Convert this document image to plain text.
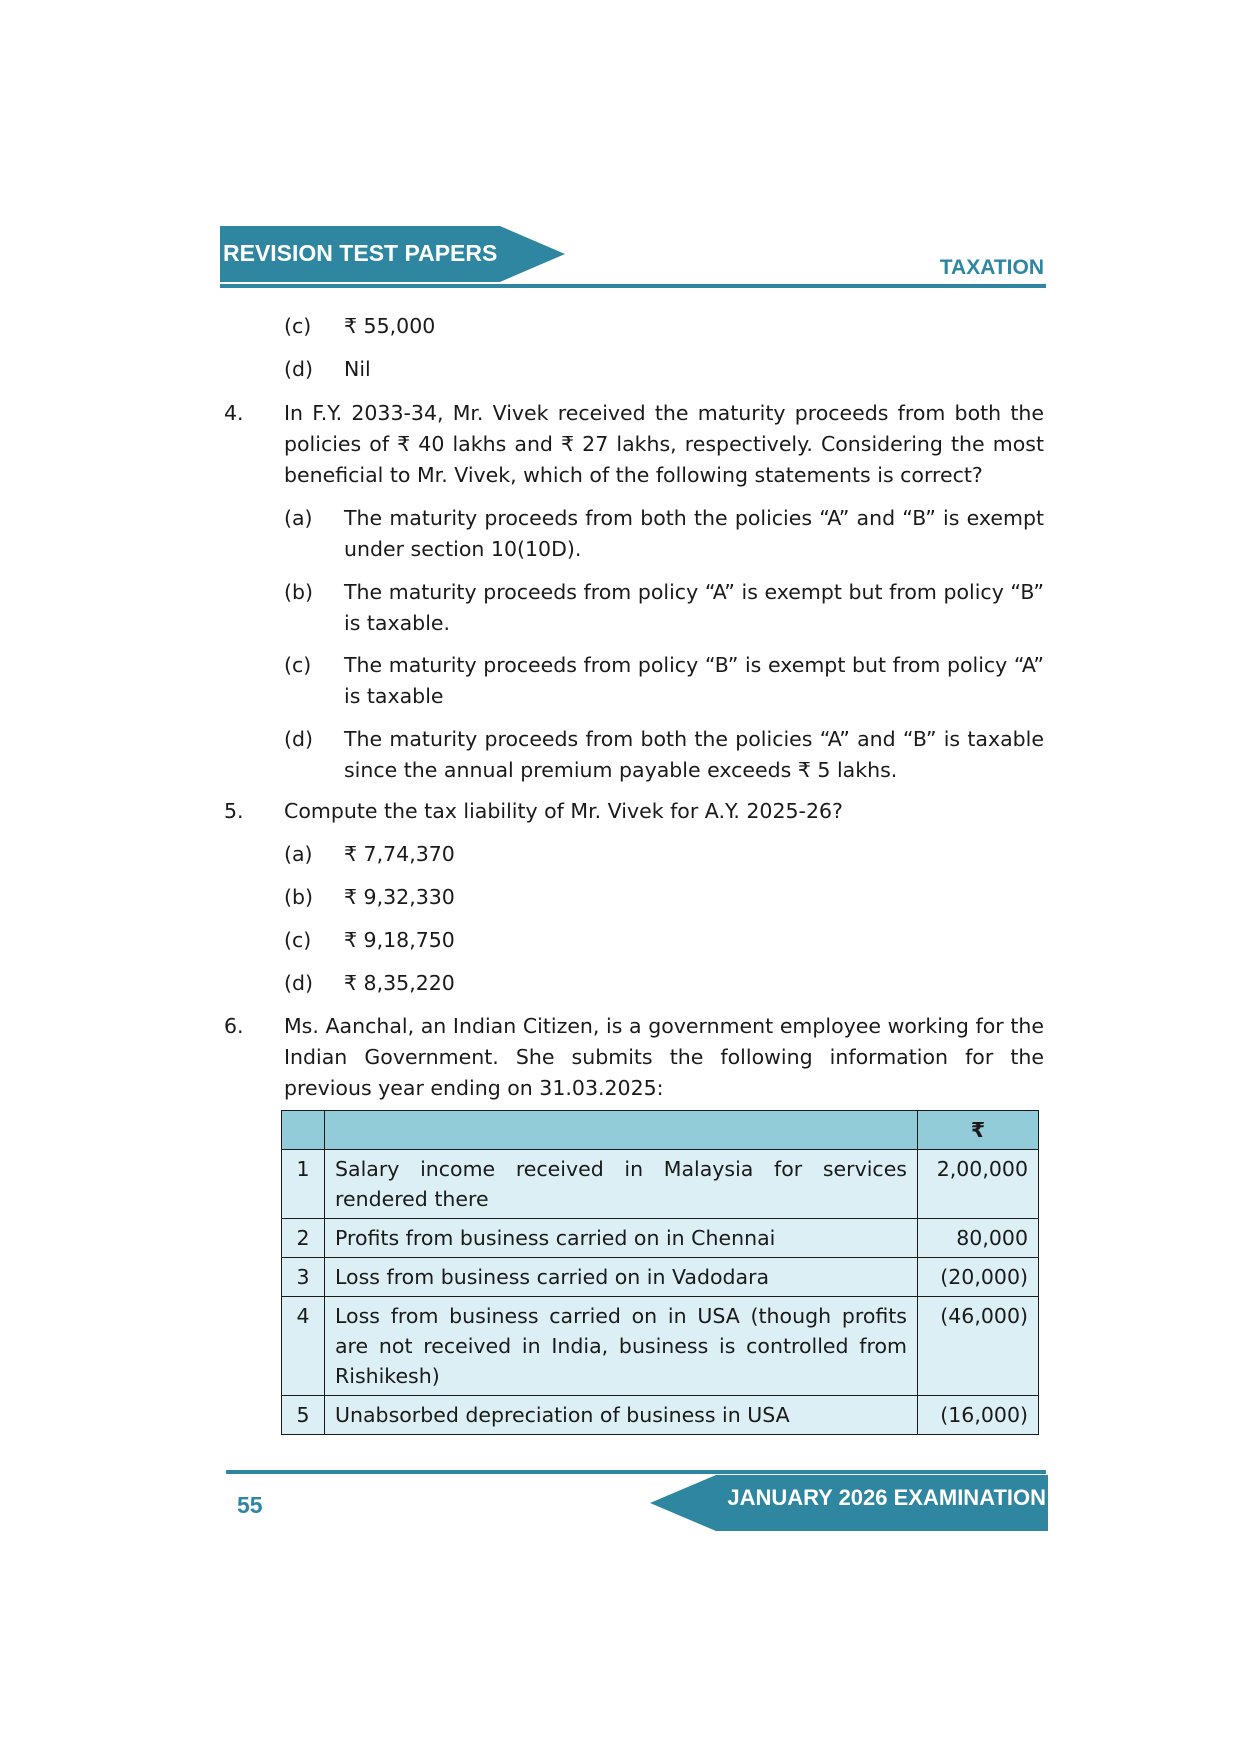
REVISION TEST PAPERS
TAXATION
(c) ₹ 55,000
(d) Nil
4. In F.Y. 2033-34, Mr. Vivek received the maturity proceeds from both the policies of ₹ 40 lakhs and ₹ 27 lakhs, respectively. Considering the most beneficial to Mr. Vivek, which of the following statements is correct?
(a) The maturity proceeds from both the policies “A” and “B” is exempt under section 10(10D).
(b) The maturity proceeds from policy “A” is exempt but from policy “B” is taxable.
(c) The maturity proceeds from policy “B” is exempt but from policy “A” is taxable
(d) The maturity proceeds from both the policies “A” and “B” is taxable since the annual premium payable exceeds ₹ 5 lakhs.
5. Compute the tax liability of Mr. Vivek for A.Y. 2025-26?
(a) ₹ 7,74,370
(b) ₹ 9,32,330
(c) ₹ 9,18,750
(d) ₹ 8,35,220
6. Ms. Aanchal, an Indian Citizen, is a government employee working for the Indian Government. She submits the following information for the previous year ending on 31.03.2025:
		₹
1	Salary income received in Malaysia for services rendered there	2,00,000
2	Profits from business carried on in Chennai	80,000
3	Loss from business carried on in Vadodara	(20,000)
4	Loss from business carried on in USA (though profits are not received in India, business is controlled from Rishikesh)	(46,000)
5	Unabsorbed depreciation of business in USA	(16,000)
55	JANUARY 2026 EXAMINATION
